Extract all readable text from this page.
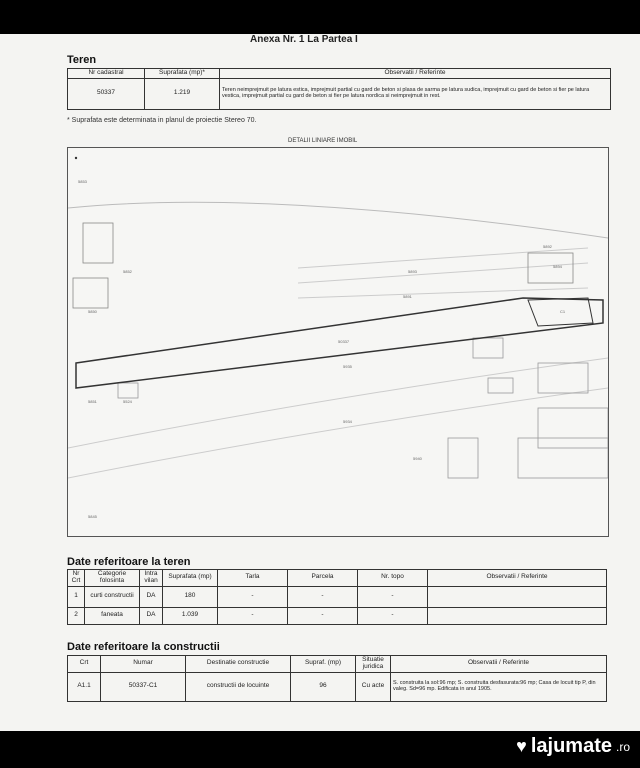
Anexa Nr. 1 La Partea I
Teren
Nr cadastral	Suprafata (mp)*	Observatii / Referinte
50337	1.219	Teren neimprejmuit pe latura estica, imprejmuit partial cu gard de beton si plasa de sarma pe latura sudica, imprejmuit cu gard de beton si fier pe latura vestica, imprejmuit partial cu gard de beton si fier pe latura nordica si neimprejmuit in rest.
* Suprafata este determinata in planul de proiectie Stereo 70.
DETALII LINIARE IMOBIL
5853
5852
5850
50337
5935
5934
5940
5851
5891
5893
5892
5894
C1
5845
5524
Date referitoare la teren
Nr Crt	Categorie folosinta	Intra vilan	Suprafata (mp)	Tarla	Parcela	Nr. topo	Observatii / Referinte
1	curti constructii	DA	180	-	-	-	
2	faneata	DA	1.039	-	-	-	
Date referitoare la constructii
Crt	Numar	Destinatie constructie	Supraf. (mp)	Situatie juridica	Observatii / Referinte
A1.1	50337-C1	constructii de locuinte	96	Cu acte	S. construita la sol:96 mp; S. construita desfasurata:96 mp; Casa de locuit tip P, din valeg. Sd=96 mp. Edificata in anul 1905.
♥ lajumate .ro
